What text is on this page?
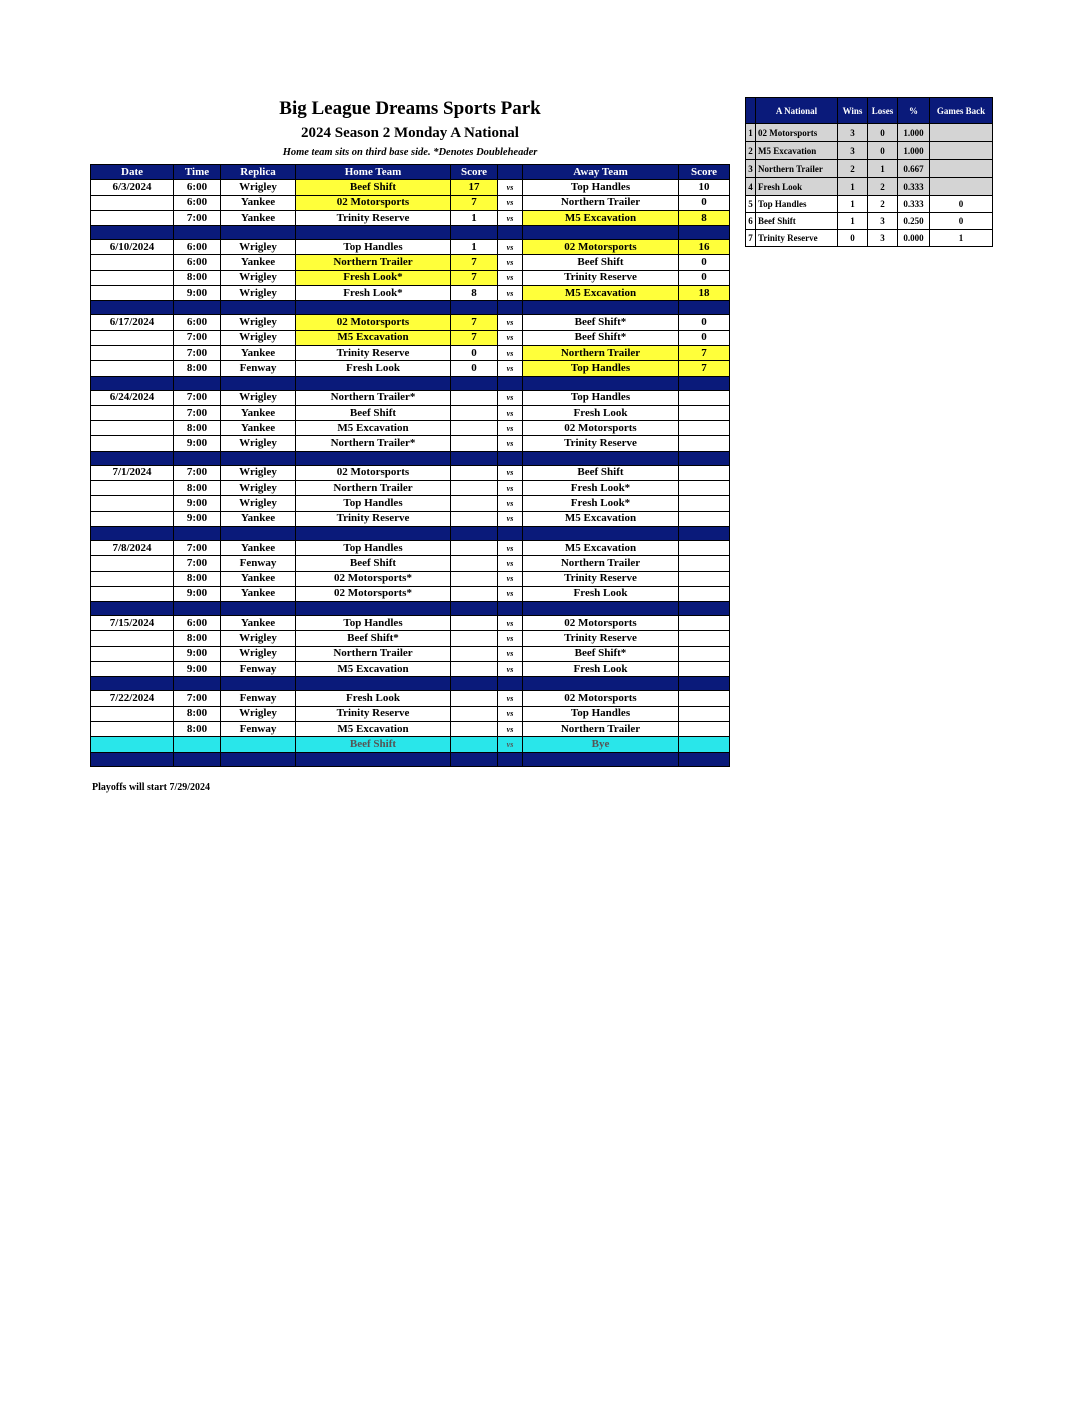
Big League Dreams Sports Park
2024 Season 2 Monday A National
Home team sits on third base side. *Denotes Doubleheader
Date	Time	Replica	Home Team	Score		Away Team	Score
6/3/2024	6:00	Wrigley	Beef Shift	17	vs	Top Handles	10
	6:00	Yankee	02 Motorsports	7	vs	Northern Trailer	0
	7:00	Yankee	Trinity Reserve	1	vs	M5 Excavation	8

6/10/2024	6:00	Wrigley	Top Handles	1	vs	02 Motorsports	16
	6:00	Yankee	Northern Trailer	7	vs	Beef Shift	0
	8:00	Wrigley	Fresh Look*	7	vs	Trinity Reserve	0
	9:00	Wrigley	Fresh Look*	8	vs	M5 Excavation	18

6/17/2024	6:00	Wrigley	02 Motorsports	7	vs	Beef Shift*	0
	7:00	Wrigley	M5 Excavation	7	vs	Beef Shift*	0
	7:00	Yankee	Trinity Reserve	0	vs	Northern Trailer	7
	8:00	Fenway	Fresh Look	0	vs	Top Handles	7

6/24/2024	7:00	Wrigley	Northern Trailer*		vs	Top Handles	
	7:00	Yankee	Beef Shift		vs	Fresh Look	
	8:00	Yankee	M5 Excavation		vs	02 Motorsports	
	9:00	Wrigley	Northern Trailer*		vs	Trinity Reserve	

7/1/2024	7:00	Wrigley	02 Motorsports		vs	Beef Shift	
	8:00	Wrigley	Northern Trailer		vs	Fresh Look*	
	9:00	Wrigley	Top Handles		vs	Fresh Look*	
	9:00	Yankee	Trinity Reserve		vs	M5 Excavation	

7/8/2024	7:00	Yankee	Top Handles		vs	M5 Excavation	
	7:00	Fenway	Beef Shift		vs	Northern Trailer	
	8:00	Yankee	02 Motorsports*		vs	Trinity Reserve	
	9:00	Yankee	02 Motorsports*		vs	Fresh Look	

7/15/2024	6:00	Yankee	Top Handles		vs	02 Motorsports	
	8:00	Wrigley	Beef Shift*		vs	Trinity Reserve	
	9:00	Wrigley	Northern Trailer		vs	Beef Shift*	
	9:00	Fenway	M5 Excavation		vs	Fresh Look	

7/22/2024	7:00	Fenway	Fresh Look		vs	02 Motorsports	
	8:00	Wrigley	Trinity Reserve		vs	Top Handles	
	8:00	Fenway	M5 Excavation		vs	Northern Trailer	
			Beef Shift		vs	Bye	

	A National	Wins	Loses	%	Games Back
1	02 Motorsports	3	0	1.000	
2	M5 Excavation	3	0	1.000	
3	Northern Trailer	2	1	0.667	
4	Fresh Look	1	2	0.333	
5	Top Handles	1	2	0.333	0
6	Beef Shift	1	3	0.250	0
7	Trinity Reserve	0	3	0.000	1
Playoffs will start 7/29/2024
